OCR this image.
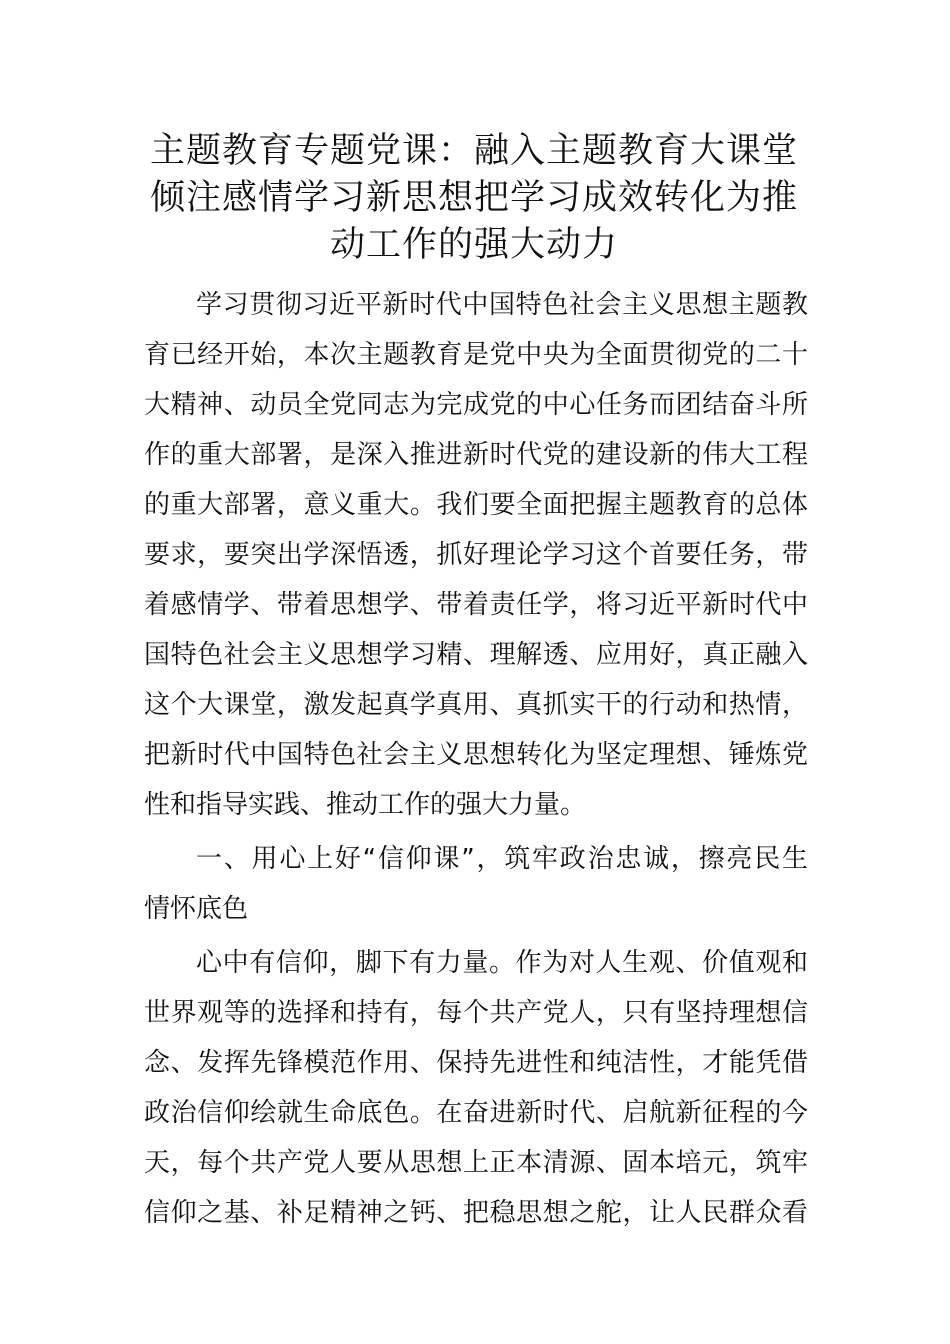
主题教育专题党课：融入主题教育大课堂
倾注感情学习新思想把学习成效转化为推
动工作的强大动力
学习贯彻习近平新时代中国特色社会主义思想主题教
育已经开始，本次主题教育是党中央为全面贯彻党的二十
大精神、动员全党同志为完成党的中心任务而团结奋斗所
作的重大部署，是深入推进新时代党的建设新的伟大工程
的重大部署，意义重大。我们要全面把握主题教育的总体
要求，要突出学深悟透，抓好理论学习这个首要任务，带
着感情学、带着思想学、带着责任学，将习近平新时代中
国特色社会主义思想学习精、理解透、应用好，真正融入
这个大课堂，激发起真学真用、真抓实干的行动和热情，
把新时代中国特色社会主义思想转化为坚定理想、锤炼党
性和指导实践、推动工作的强大力量。
一、用心上好“信仰课”，筑牢政治忠诚，擦亮民生
情怀底色
心中有信仰，脚下有力量。作为对人生观、价值观和
世界观等的选择和持有，每个共产党人，只有坚持理想信
念、发挥先锋模范作用、保持先进性和纯洁性，才能凭借
政治信仰绘就生命底色。在奋进新时代、启航新征程的今
天，每个共产党人要从思想上正本清源、固本培元，筑牢
信仰之基、补足精神之钙、把稳思想之舵，让人民群众看
